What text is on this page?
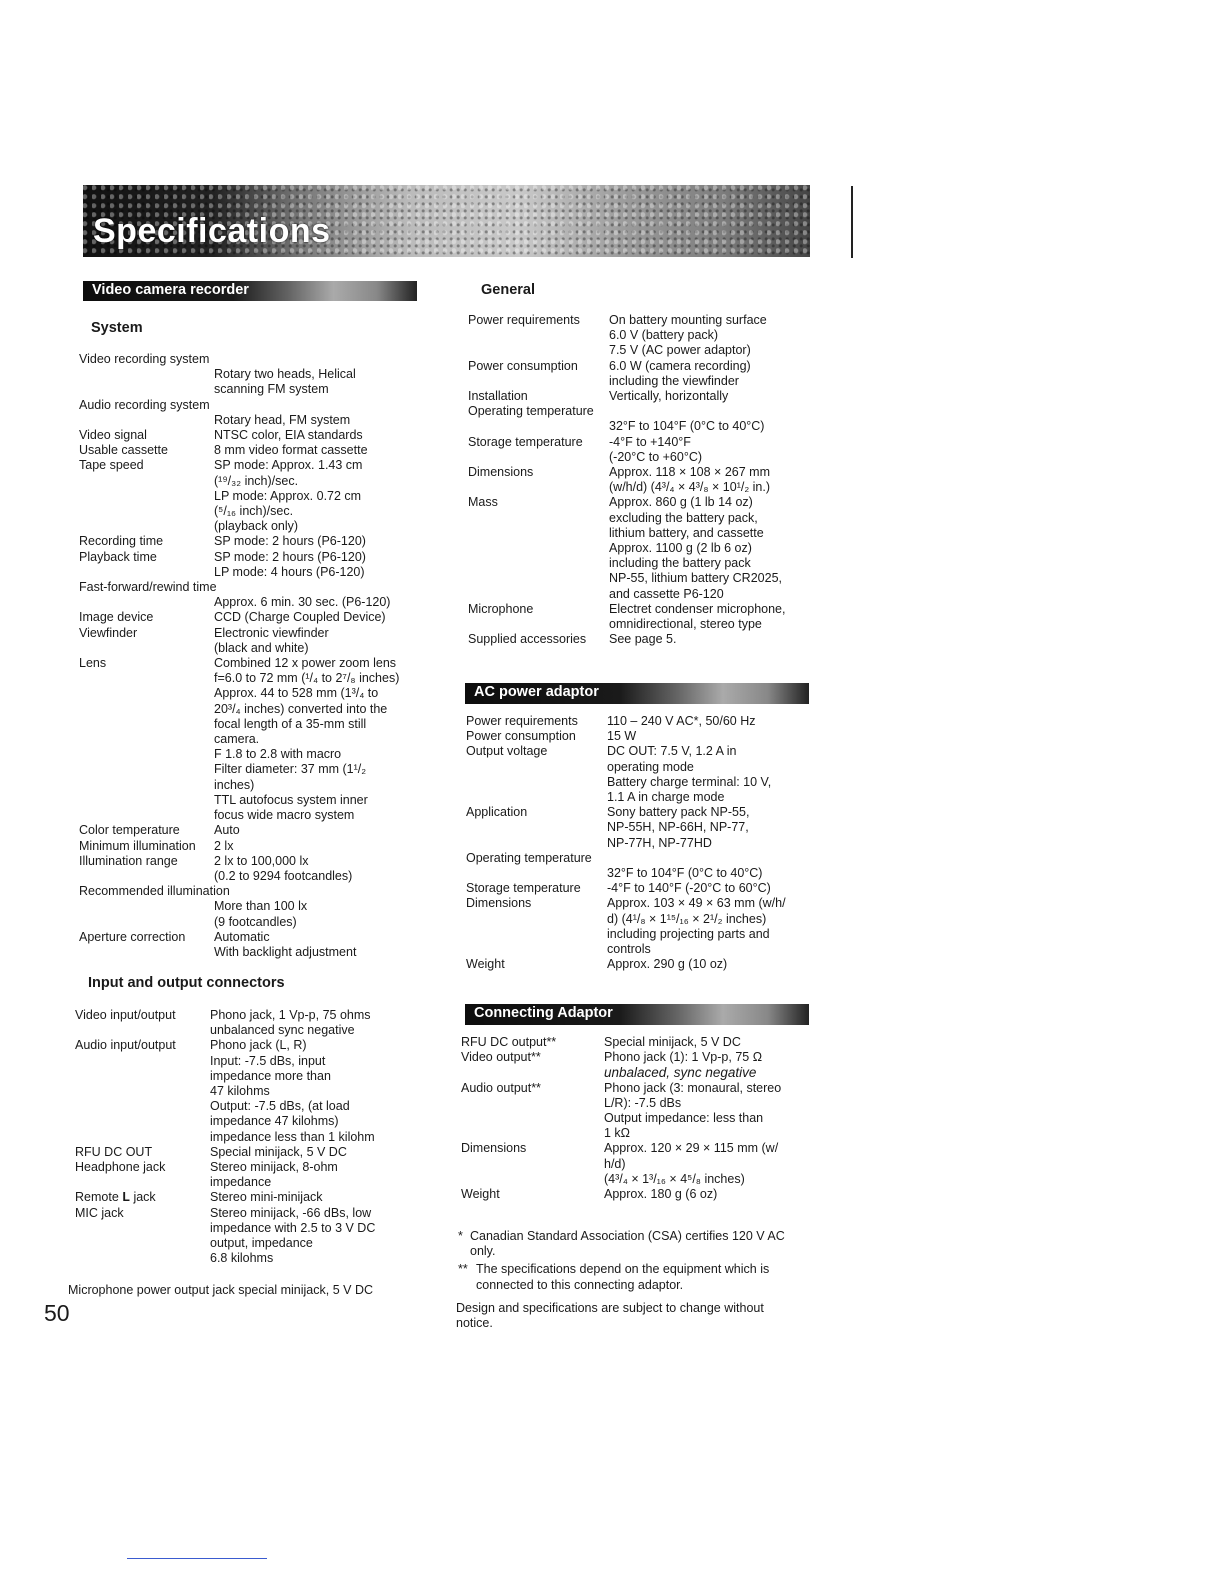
Specifications
Video camera recorder
System
Video recording system
Rotary two heads, Helical
scanning FM system
Audio recording system
Rotary head, FM system
Video signal	NTSC color, EIA standards
Usable cassette	8 mm video format cassette
Tape speed	SP mode: Approx. 1.43 cm
(¹⁹/₃₂ inch)/sec.
LP mode: Approx. 0.72 cm
(⁵/₁₆ inch)/sec.
(playback only)
Recording time	SP mode: 2 hours (P6-120)
Playback time	SP mode: 2 hours (P6-120)
LP mode: 4 hours (P6-120)
Fast-forward/rewind time
Approx. 6 min. 30 sec. (P6-120)
Image device	CCD (Charge Coupled Device)
Viewfinder	Electronic viewfinder
(black and white)
Lens	Combined 12 x power zoom lens
f=6.0 to 72 mm (¹/₄ to 2⁷/₈ inches)
Approx. 44 to 528 mm (1³/₄ to
20³/₄ inches) converted into the
focal length of a 35-mm still
camera.
F 1.8 to 2.8 with macro
Filter diameter: 37 mm (1¹/₂
inches)
TTL autofocus system inner
focus wide macro system
Color temperature	Auto
Minimum illumination 2 lx
Illumination range	2 lx to 100,000 lx
(0.2 to 9294 footcandles)
Recommended illumination
More than 100 lx
(9 footcandles)
Aperture correction Automatic
With backlight adjustment
Input and output connectors
Video input/output	Phono jack, 1 Vp-p, 75 ohms
unbalanced sync negative
Audio input/output	Phono jack (L, R)
Input: -7.5 dBs, input
impedance more than
47 kilohms
Output: -7.5 dBs, (at load
impedance 47 kilohms)
impedance less than 1 kilohm
RFU DC OUT	Special minijack, 5 V DC
Headphone jack	Stereo minijack, 8-ohm
impedance
Remote 𝐋 jack	Stereo mini-minijack
MIC jack	Stereo minijack, -66 dBs, low
impedance with 2.5 to 3 V DC
output, impedance
6.8 kilohms
Microphone power output jack special minijack, 5 V DC
50
General
Power requirements On battery mounting surface
6.0 V (battery pack)
7.5 V (AC power adaptor)
Power consumption 6.0 W (camera recording)
including the viewfinder
Installation	Vertically, horizontally
Operating temperature
32°F to 104°F (0°C to 40°C)
Storage temperature -4°F to +140°F
(-20°C to +60°C)
Dimensions	Approx. 118 × 108 × 267 mm
(w/h/d) (4³/₄ × 4³/₈ × 10¹/₂ in.)
Mass	Approx. 860 g (1 lb 14 oz)
excluding the battery pack,
lithium battery, and cassette
Approx. 1100 g (2 lb 6 oz)
including the battery pack
NP-55, lithium battery CR2025,
and cassette P6-120
Microphone	Electret condenser microphone,
omnidirectional, stereo type
Supplied accessories See page 5.
AC power adaptor
Power requirements 110 – 240 V AC*, 50/60 Hz
Power consumption 15 W
Output voltage	DC OUT: 7.5 V, 1.2 A in
operating mode
Battery charge terminal: 10 V,
1.1 A in charge mode
Application	Sony battery pack NP-55,
NP-55H, NP-66H, NP-77,
NP-77H, NP-77HD
Operating temperature
32°F to 104°F (0°C to 40°C)
Storage temperature -4°F to 140°F (-20°C to 60°C)
Dimensions	Approx. 103 × 49 × 63 mm (w/h/
d) (4¹/₈ × 1¹⁵/₁₆ × 2¹/₂ inches)
including projecting parts and
controls
Weight	Approx. 290 g (10 oz)
Connecting Adaptor
RFU DC output**	Special minijack, 5 V DC
Video output**	Phono jack (1): 1 Vp-p, 75 Ω
unbalaced, sync negative
Audio output**	Phono jack (3: monaural, stereo
L/R): -7.5 dBs
Output impedance: less than
1 kΩ
Dimensions	Approx. 120 × 29 × 115 mm (w/
h/d)
(4³/₄ × 1³/₁₆ × 4⁵/₈ inches)
Weight	Approx. 180 g (6 oz)
* Canadian Standard Association (CSA) certifies 120 V AC only.
** The specifications depend on the equipment which is connected to this connecting adaptor.
Design and specifications are subject to change without notice.
